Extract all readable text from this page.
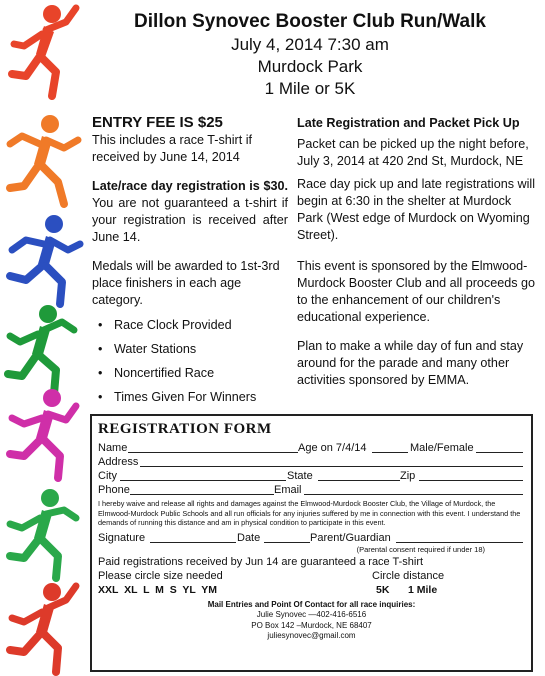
Dillon Synovec Booster Club Run/Walk
July 4, 2014 7:30 am
Murdock Park
1 Mile or 5K
ENTRY FEE IS $25
This includes a race T-shirt if received by June 14, 2014
Late/race day registration is $30. You are not guaranteed a t-shirt if your registration is received after June 14.
Medals will be awarded to 1st-3rd place finishers in each age category.
• Race Clock Provided
• Water Stations
• Noncertified Race
• Times Given For Winners
Late Registration and Packet Pick Up
Packet can be picked up the night before, July 3, 2014 at 420 2nd St, Murdock, NE
Race day pick up and late registrations will begin at 6:30 in the shelter at Murdock Park (West edge of Murdock on Wyoming Street).
This event is sponsored by the Elmwood-Murdock Booster Club and all proceeds go to the enhancement of our children's educational experience.
Plan to make a while day of fun and stay around for the parade and many other activities sponsored by EMMA.
REGISTRATION FORM
Name	Age on 7/4/14	Male/Female
Address
City	State	Zip
Phone	Email
I hereby waive and release all rights and damages against the Elmwood-Murdock Booster Club, the Village of Murdock, the Elmwood-Murdock Public Schools and all run officials for any injuries suffered by me in connection with this event. I understand the demands of running this distance and am in physical condition to participate in this event.
Signature	Date	Parent/Guardian
(Parental consent required if under 18)
Paid registrations received by Jun 14 are guaranteed a race T-shirt
Please circle size needed	Circle distance
XXL  XL  L  M  S  YL  YM	5K 1 Mile
Mail Entries and Point Of Contact for all race inquiries:
Julie Synovec —402-416-6516
PO Box 142 –Murdock, NE 68407
juliesynovec@gmail.com
